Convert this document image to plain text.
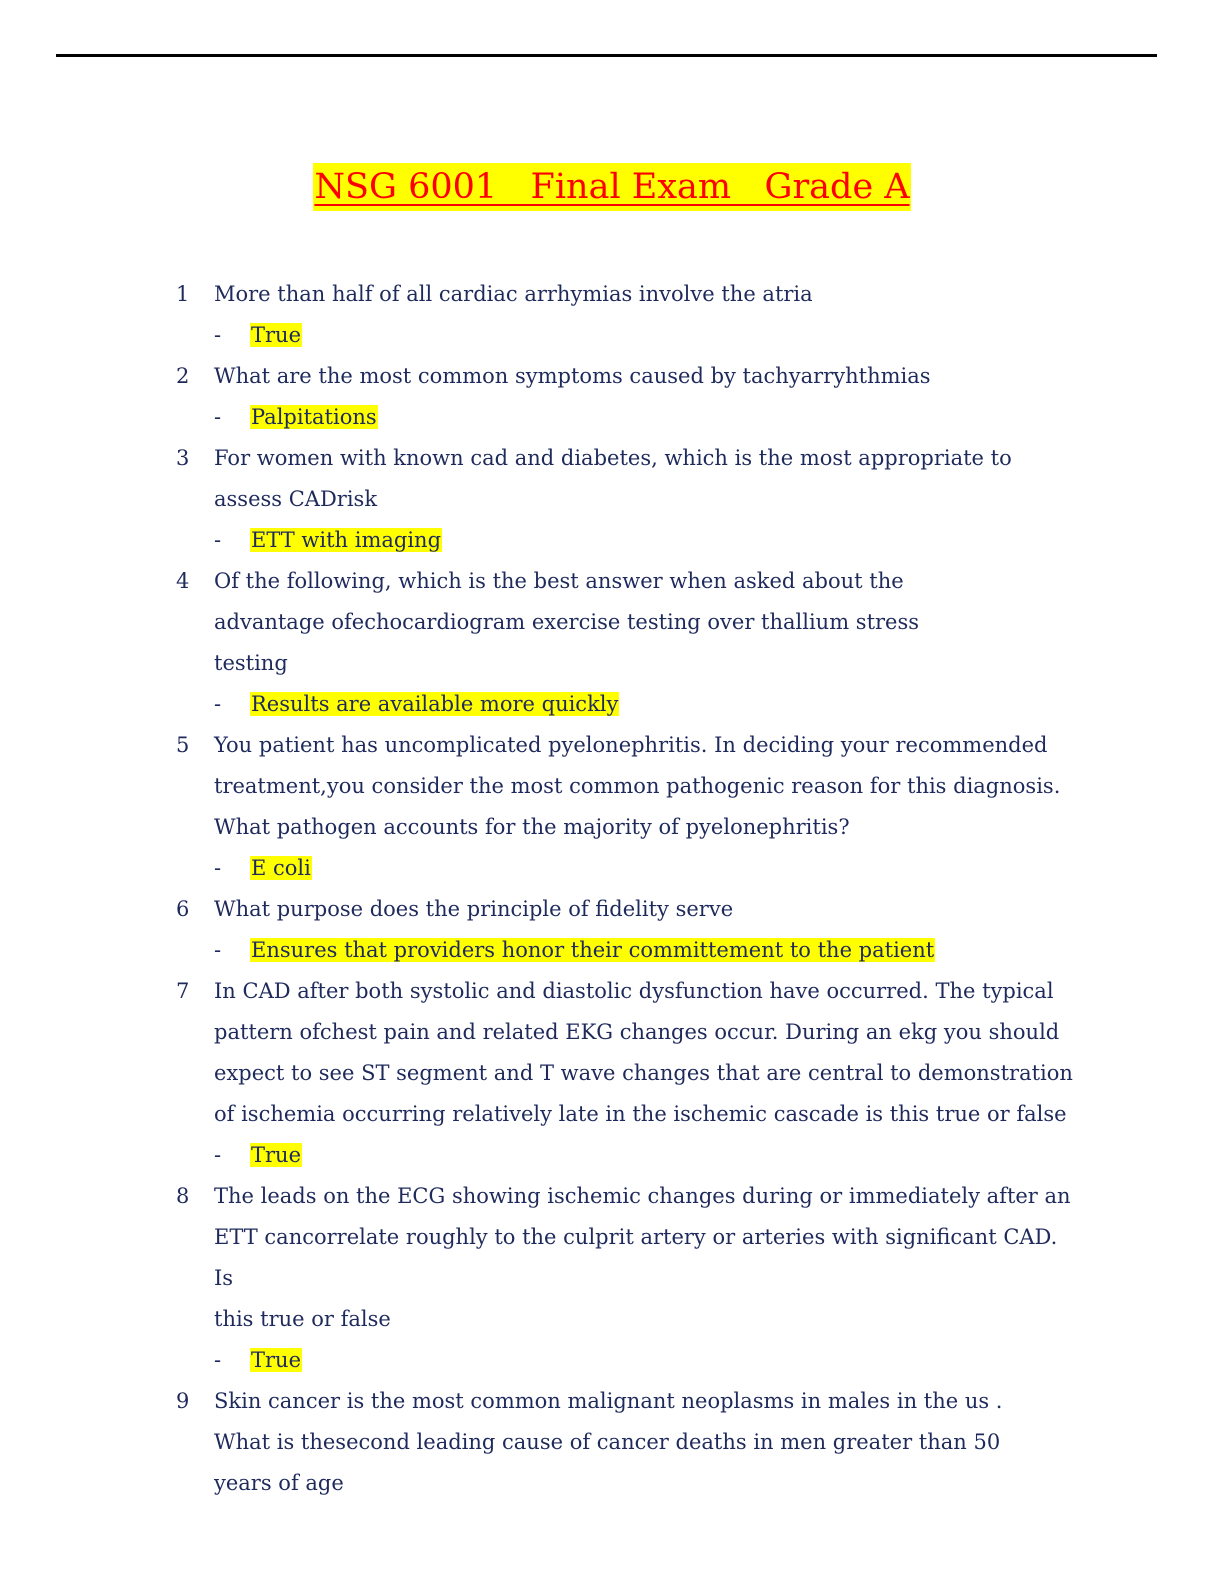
NSG 6001   Final Exam   Grade A
1	More than half of all cardiac arrhymias involve the atria
- True
2	What are the most common symptoms caused by tachyarryhthmias
- Palpitations
3	For women with known cad and diabetes, which is the most appropriate to
assess CADrisk
- ETT with imaging
4	Of the following, which is the best answer when asked about the
advantage ofechocardiogram exercise testing over thallium stress
testing
- Results are available more quickly
5	You patient has uncomplicated pyelonephritis. In deciding your recommended
treatment,you consider the most common pathogenic reason for this diagnosis.
What pathogen accounts for the majority of pyelonephritis?
- E coli
6	What purpose does the principle of fidelity serve
- Ensures that providers honor their committement to the patient
7	In CAD after both systolic and diastolic dysfunction have occurred. The typical
pattern ofchest pain and related EKG changes occur. During an ekg you should
expect to see ST segment and T wave changes that are central to demonstration
of ischemia occurring relatively late in the ischemic cascade is this true or false
- True
8	The leads on the ECG showing ischemic changes during or immediately after an
ETT cancorrelate roughly to the culprit artery or arteries with significant CAD. Is
this true or false
- True
9	Skin cancer is the most common malignant neoplasms in males in the us .
What is thesecond leading cause of cancer deaths in men greater than 50
years of age
